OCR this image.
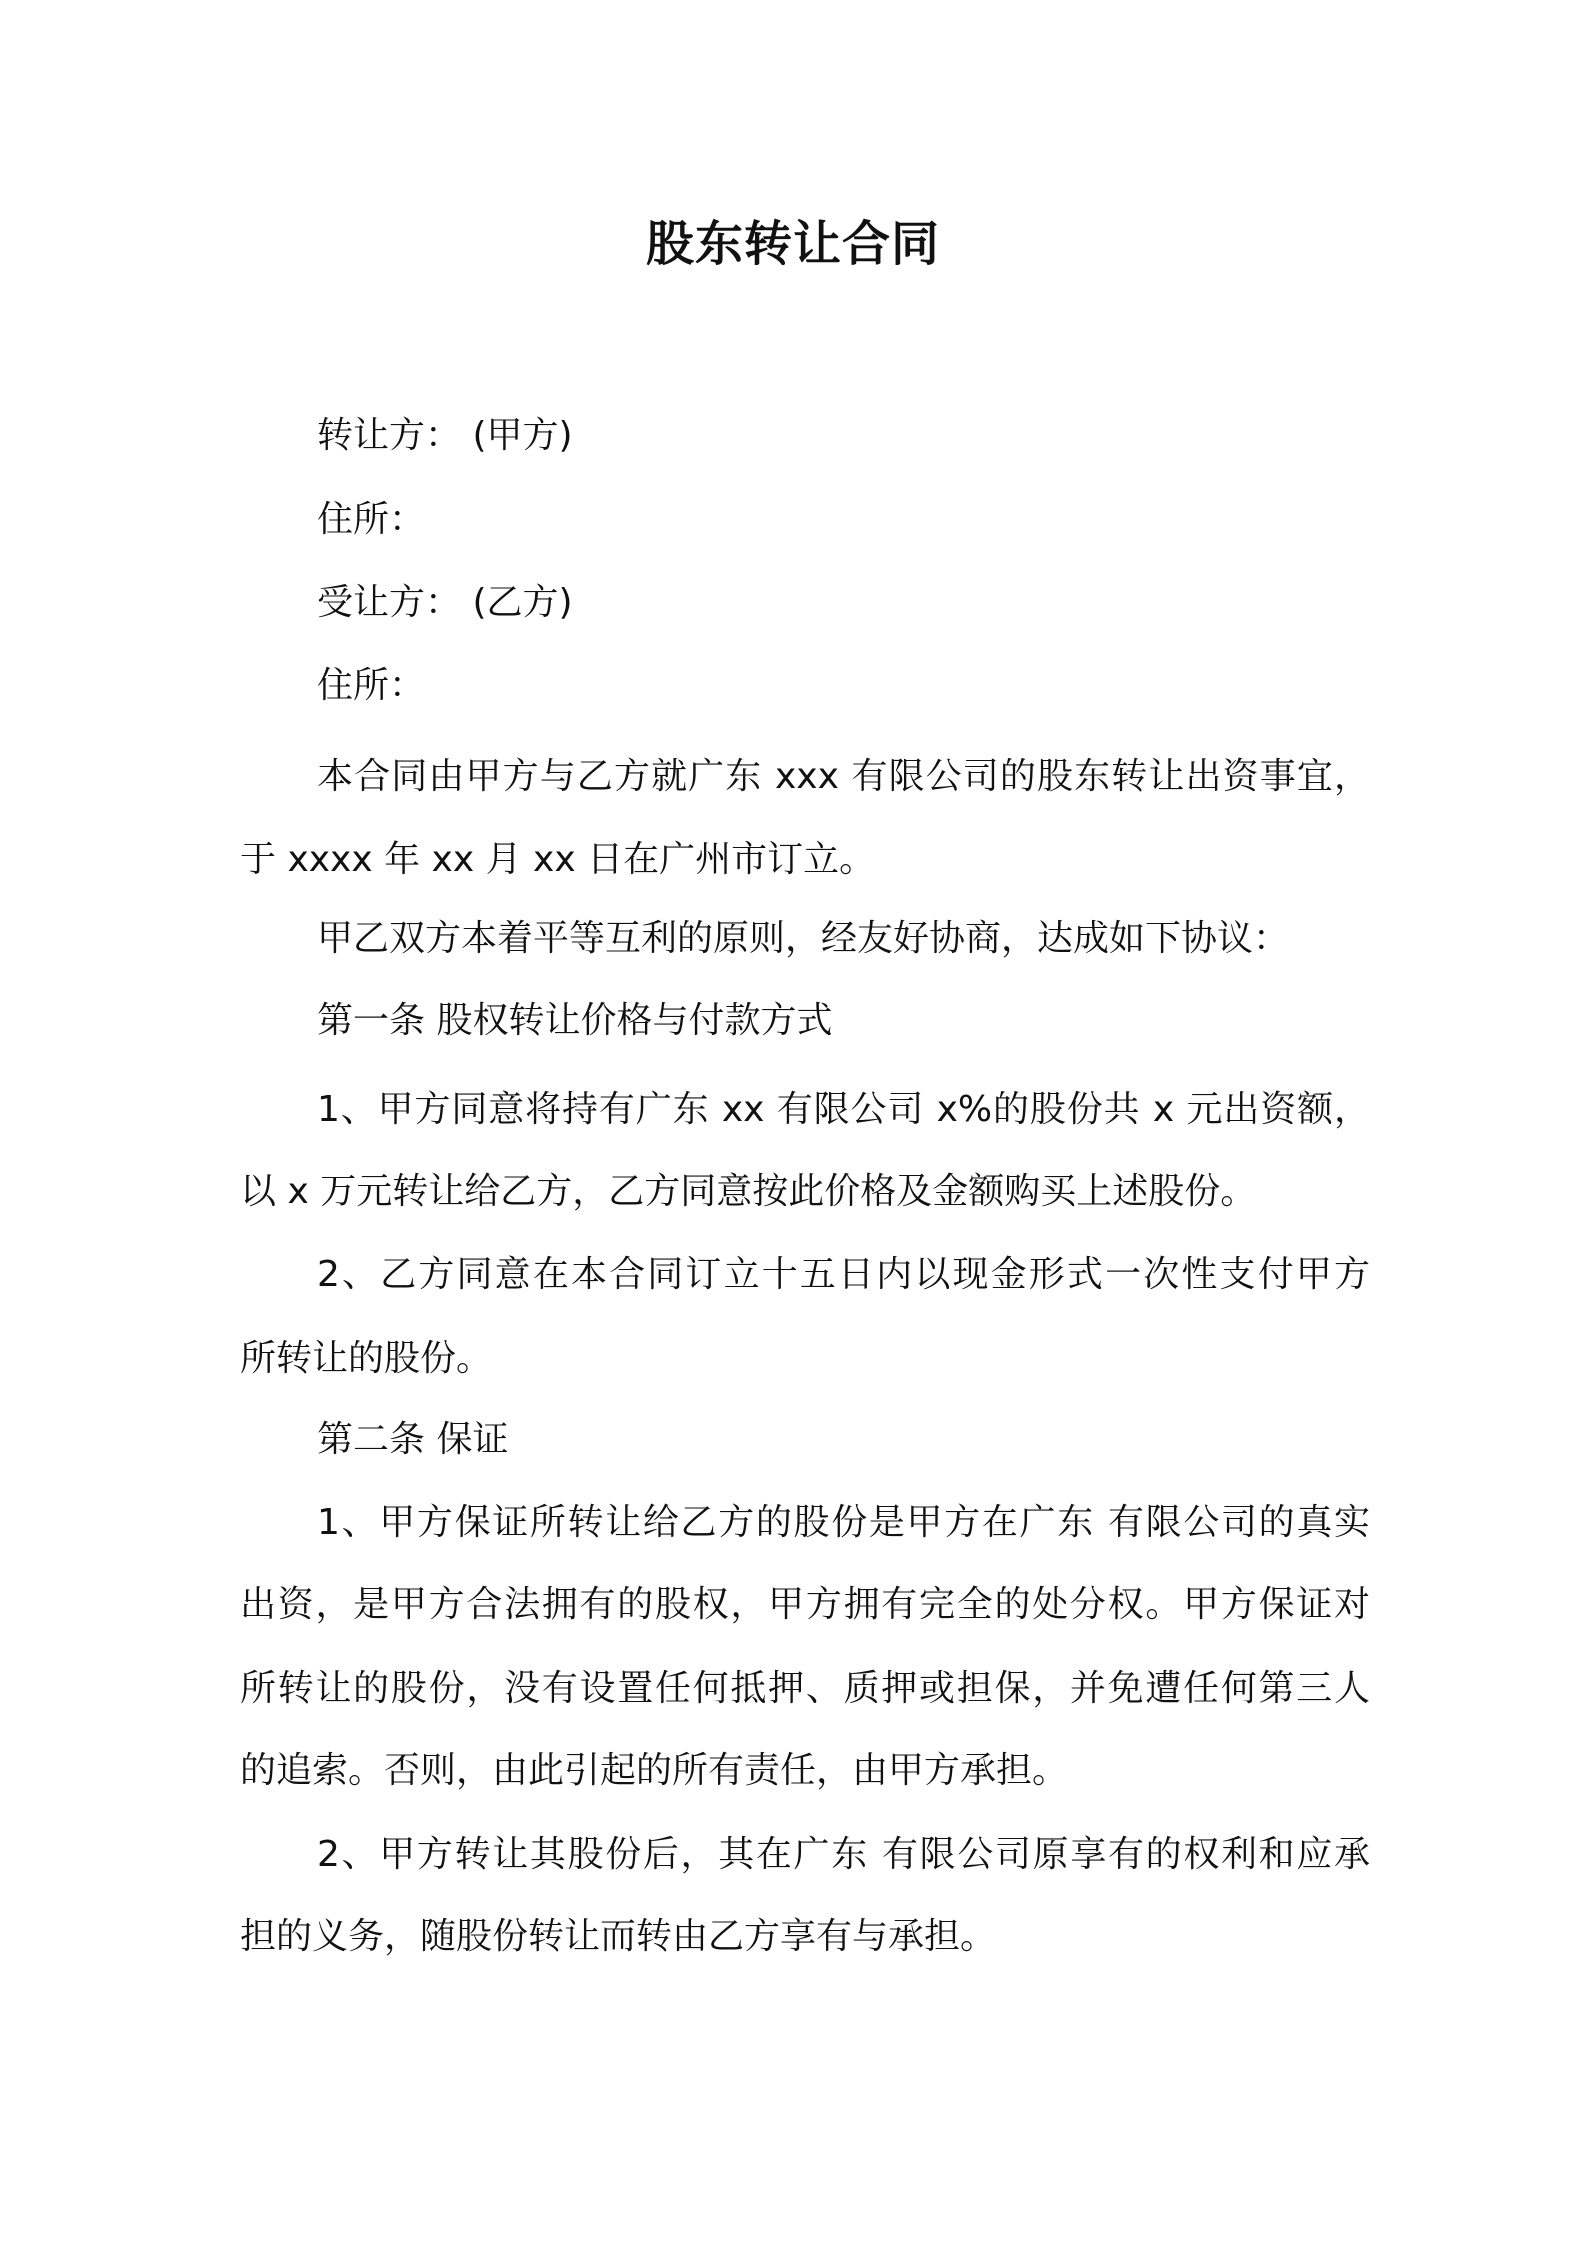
股东转让合同

转让方： (甲方)

住所：

受让方： (乙方)

住所：

本合同由甲方与乙方就广东 xxx 有限公司的股东转让出资事宜，

于 xxxx 年 xx 月 xx 日在广州市订立。

甲乙双方本着平等互利的原则，经友好协商，达成如下协议：

第一条 股权转让价格与付款方式

1、甲方同意将持有广东 xx 有限公司 x%的股份共 x 元出资额，

以 x 万元转让给乙方，乙方同意按此价格及金额购买上述股份。

2、乙方同意在本合同订立十五日内以现金形式一次性支付甲方

所转让的股份。

第二条 保证

1、甲方保证所转让给乙方的股份是甲方在广东 有限公司的真实

出资，是甲方合法拥有的股权，甲方拥有完全的处分权。甲方保证对

所转让的股份，没有设置任何抵押、质押或担保，并免遭任何第三人

的追索。否则，由此引起的所有责任，由甲方承担。

2、甲方转让其股份后，其在广东 有限公司原享有的权利和应承

担的义务，随股份转让而转由乙方享有与承担。
